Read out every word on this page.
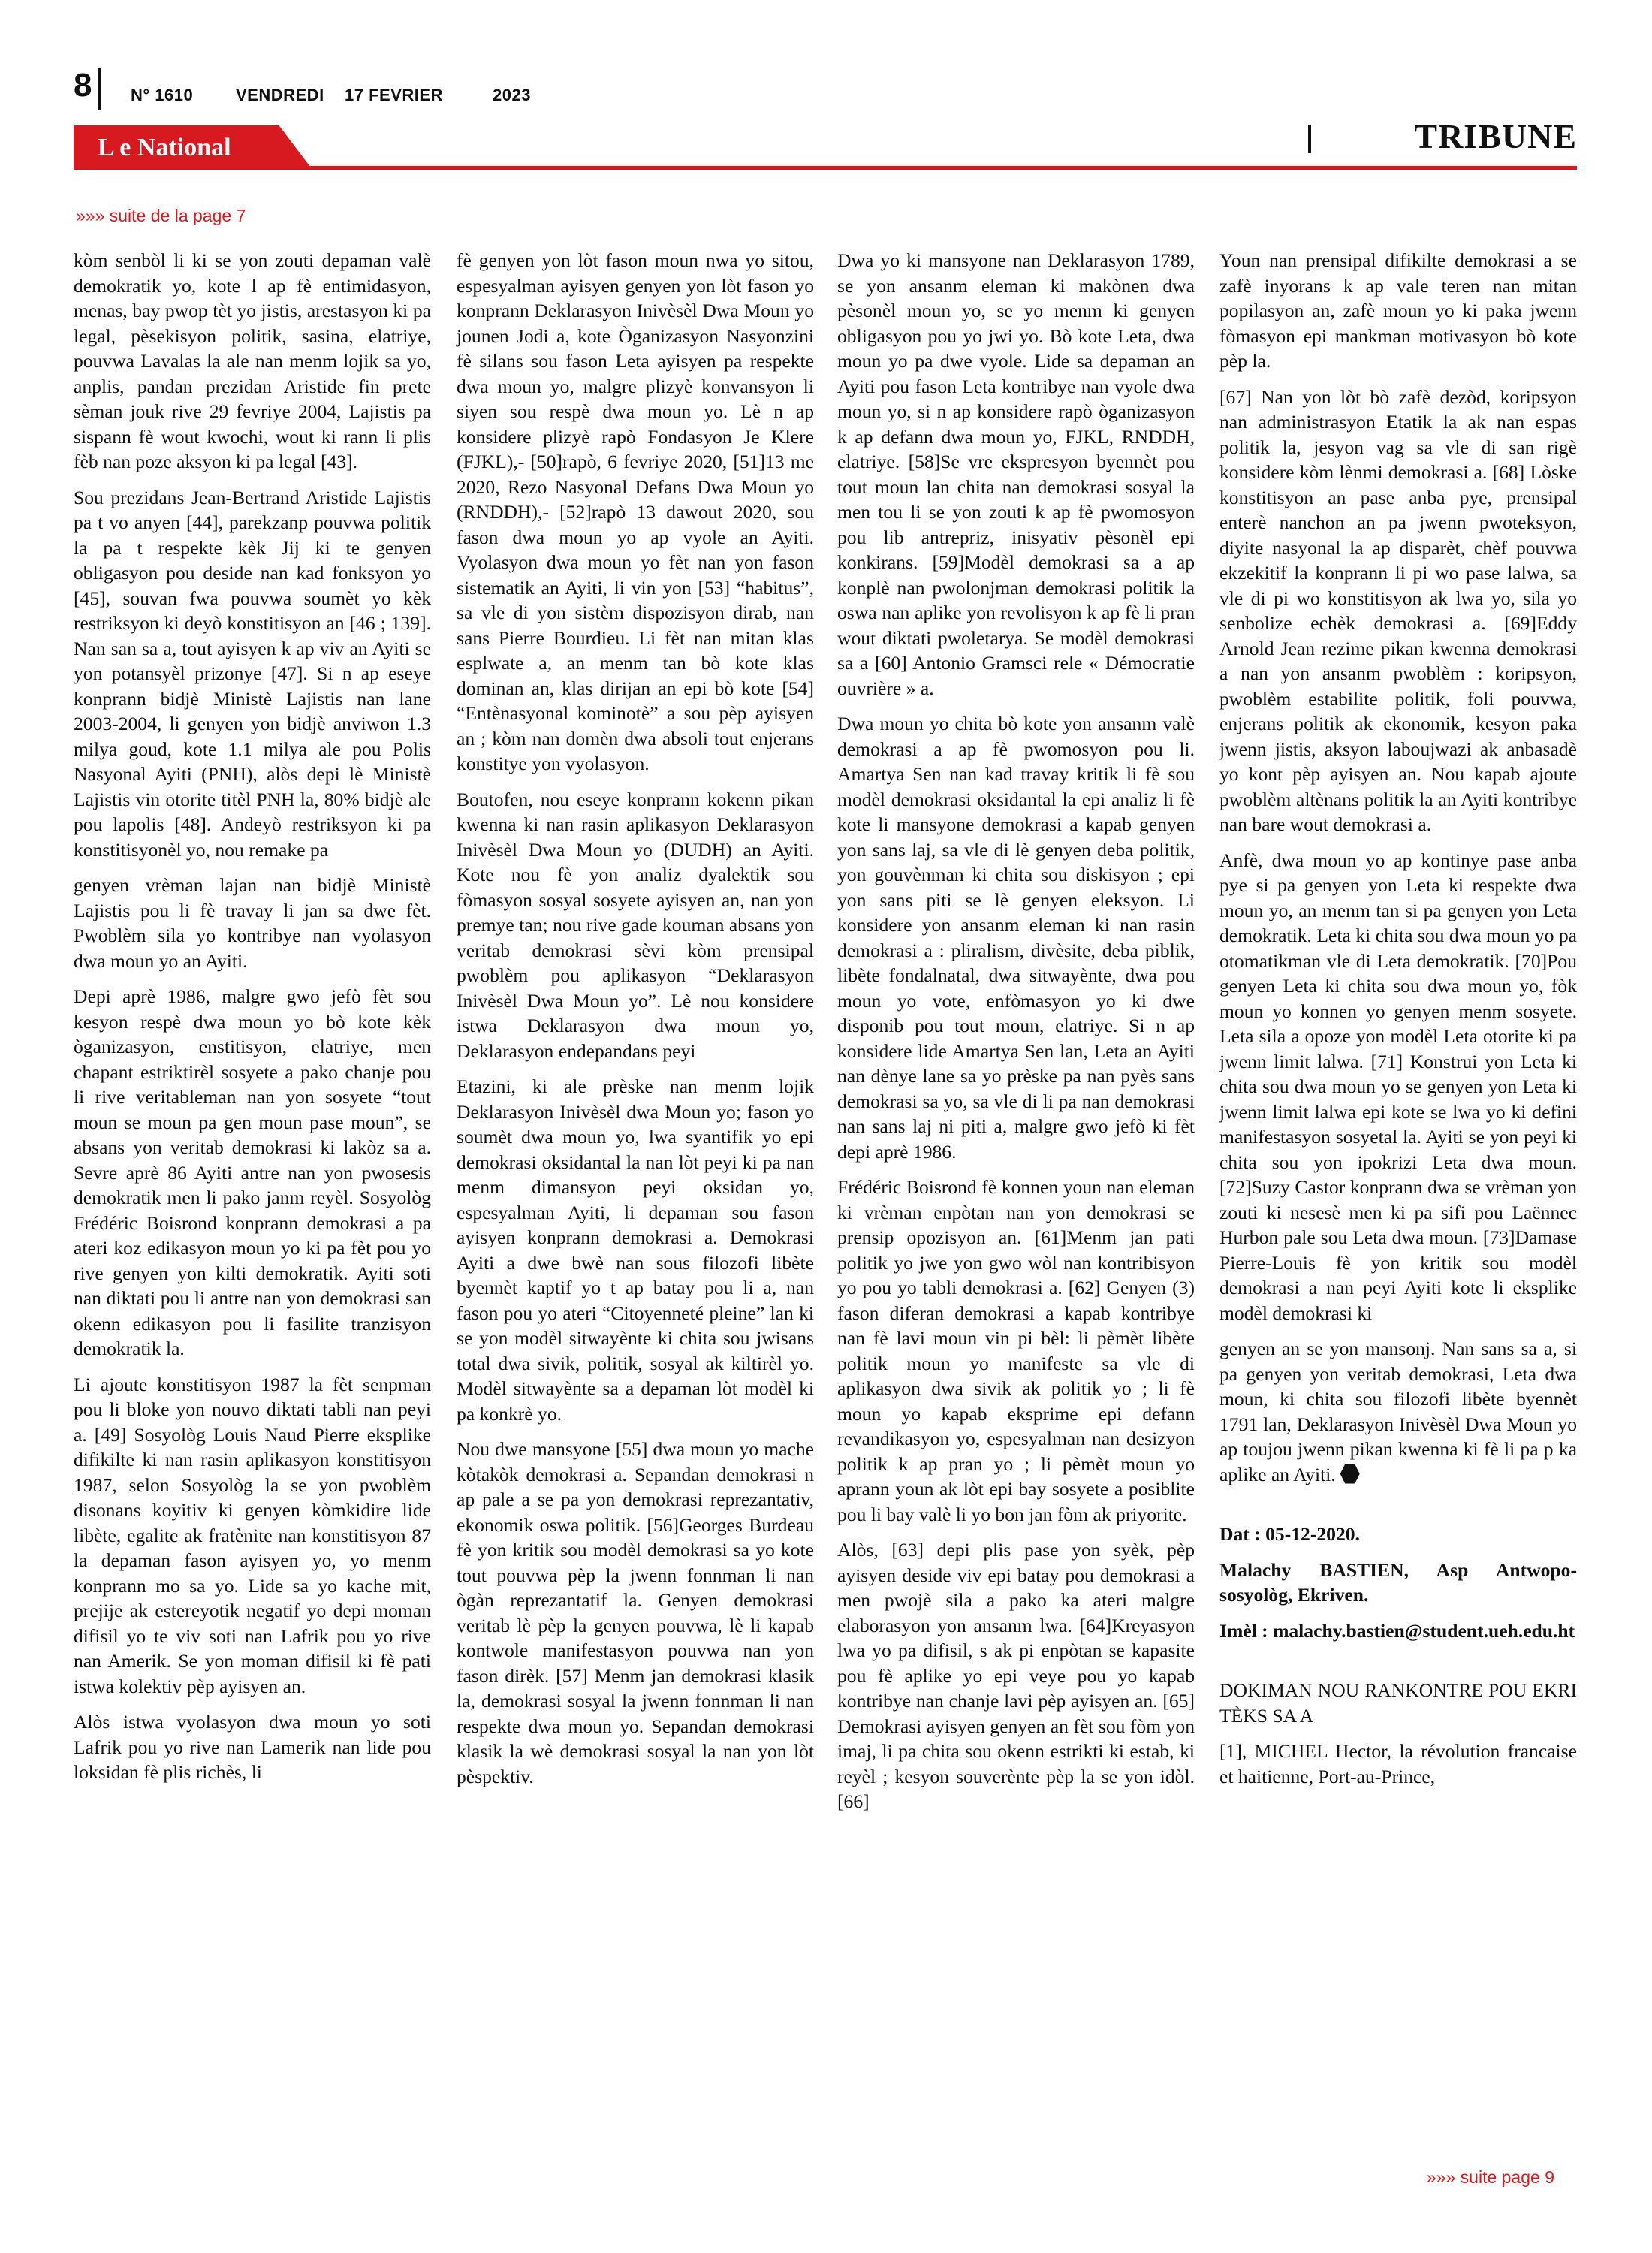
8 N° 1610	VENDREDI 17 FEVRIER	2023
L e National	TRIBUNE
»»» suite de la page 7

kòm senbòl li ki se yon zouti depaman valè demokratik yo, kote l ap fè entimidasyon, menas, bay pwop tèt yo jistis, arestasyon ki pa legal, pèsekisyon politik, sasina, elatriye, pouvwa Lavalas la ale nan menm lojik sa yo, anplis, pandan prezidan Aristide fin prete sèman jouk rive 29 fevriye 2004, Lajistis pa sispann fè wout kwochi, wout ki rann li plis fèb nan poze aksyon ki pa legal [43].

Sou prezidans Jean-Bertrand Aristide Lajistis pa t vo anyen [44], parekzanp pouvwa politik la pa t respekte kèk Jij ki te genyen obligasyon pou deside nan kad fonksyon yo [45], souvan fwa pouvwa soumèt yo kèk restriksyon ki deyò konstitisyon an [46 ; 139]. Nan san sa a, tout ayisyen k ap viv an Ayiti se yon potansyèl prizonye [47]. Si n ap eseye konprann bidjè Ministè Lajistis nan lane 2003-2004, li genyen yon bidjè anviwon 1.3 milya goud, kote 1.1 milya ale pou Polis Nasyonal Ayiti (PNH), alòs depi lè Ministè Lajistis vin otorite titèl PNH la, 80% bidjè ale pou lapolis [48]. Andeyò restriksyon ki pa konstitisyonèl yo, nou remake pa

genyen vrèman lajan nan bidjè Ministè Lajistis pou li fè travay li jan sa dwe fèt. Pwoblèm sila yo kontribye nan vyolasyon dwa moun yo an Ayiti.

Depi aprè 1986, malgre gwo jefò fèt sou kesyon respè dwa moun yo bò kote kèk òganizasyon, enstitisyon, elatriye, men chapant estriktirèl sosyete a pako chanje pou li rive veritableman nan yon sosyete “tout moun se moun pa gen moun pase moun”, se absans yon veritab demokrasi ki lakòz sa a. Sevre aprè 86 Ayiti antre nan yon pwosesis demokratik men li pako janm reyèl. Sosyològ Frédéric Boisrond konprann demokrasi a pa ateri koz edikasyon moun yo ki pa fèt pou yo rive genyen yon kilti demokratik. Ayiti soti nan diktati pou li antre nan yon demokrasi san okenn edikasyon pou li fasilite tranzisyon demokratik la.

Li ajoute konstitisyon 1987 la fèt senpman pou li bloke yon nouvo diktati tabli nan peyi a. [49] Sosyològ Louis Naud Pierre eksplike difikilte ki nan rasin aplikasyon konstitisyon 1987, selon Sosyològ la se yon pwoblèm disonans koyitiv ki genyen kòmkidire lide libète, egalite ak fratènite nan konstitisyon 87 la depaman fason ayisyen yo, yo menm konprann mo sa yo. Lide sa yo kache mit, prejije ak estereyotik negatif yo depi moman difisil yo te viv soti nan Lafrik pou yo rive nan Amerik. Se yon moman difisil ki fè pati istwa kolektiv pèp ayisyen an.

Alòs istwa vyolasyon dwa moun yo soti Lafrik pou yo rive nan Lamerik nan lide pou loksidan fè plis richès, li

fè genyen yon lòt fason moun nwa yo sitou, espesyalman ayisyen genyen yon lòt fason yo konprann Deklarasyon Inivèsèl Dwa Moun yo jounen Jodi a, kote Òganizasyon Nasyonzini fè silans sou fason Leta ayisyen pa respekte dwa moun yo, malgre plizyè konvansyon li siyen sou respè dwa moun yo. Lè n ap konsidere plizyè rapò Fondasyon Je Klere (FJKL),- [50]rapò, 6 fevriye 2020, [51]13 me 2020, Rezo Nasyonal Defans Dwa Moun yo (RNDDH),- [52]rapò 13 dawout 2020, sou fason dwa moun yo ap vyole an Ayiti. Vyolasyon dwa moun yo fèt nan yon fason sistematik an Ayiti, li vin yon [53] “habitus”, sa vle di yon sistèm dispozisyon dirab, nan sans Pierre Bourdieu. Li fèt nan mitan klas esplwate a, an menm tan bò kote klas dominan an, klas dirijan an epi bò kote [54] “Entènasyonal kominotè” a sou pèp ayisyen an ; kòm nan domèn dwa absoli tout enjerans konstitye yon vyolasyon.

Boutofen, nou eseye konprann kokenn pikan kwenna ki nan rasin aplikasyon Deklarasyon Inivèsèl Dwa Moun yo (DUDH) an Ayiti. Kote nou fè yon analiz dyalektik sou fòmasyon sosyal sosyete ayisyen an, nan yon premye tan; nou rive gade kouman absans yon veritab demokrasi sèvi kòm prensipal pwoblèm pou aplikasyon “Deklarasyon Inivèsèl Dwa Moun yo”. Lè nou konsidere istwa Deklarasyon dwa moun yo, Deklarasyon endepandans peyi

Etazini, ki ale prèske nan menm lojik Deklarasyon Inivèsèl dwa Moun yo; fason yo soumèt dwa moun yo, lwa syantifik yo epi demokrasi oksidantal la nan lòt peyi ki pa nan menm dimansyon peyi oksidan yo, espesyalman Ayiti, li depaman sou fason ayisyen konprann demokrasi a. Demokrasi Ayiti a dwe bwè nan sous filozofi libète byennèt kaptif yo t ap batay pou li a, nan fason pou yo ateri “Citoyenneté pleine” lan ki se yon modèl sitwayènte ki chita sou jwisans total dwa sivik, politik, sosyal ak kiltirèl yo. Modèl sitwayènte sa a depaman lòt modèl ki pa konkrè yo.

Nou dwe mansyone [55] dwa moun yo mache kòtakòk demokrasi a. Sepandan demokrasi n ap pale a se pa yon demokrasi reprezantativ, ekonomik oswa politik. [56]Georges Burdeau fè yon kritik sou modèl demokrasi sa yo kote tout pouvwa pèp la jwenn fonnman li nan ògàn reprezantatif la. Genyen demokrasi veritab lè pèp la genyen pouvwa, lè li kapab kontwole manifestasyon pouvwa nan yon fason dirèk. [57] Menm jan demokrasi klasik la, demokrasi sosyal la jwenn fonnman li nan respekte dwa moun yo. Sepandan demokrasi klasik la wè demokrasi sosyal la nan yon lòt pèspektiv.

Dwa yo ki mansyone nan Deklarasyon 1789, se yon ansanm eleman ki makònen dwa pèsonèl moun yo, se yo menm ki genyen obligasyon pou yo jwi yo. Bò kote Leta, dwa moun yo pa dwe vyole. Lide sa depaman an Ayiti pou fason Leta kontribye nan vyole dwa moun yo, si n ap konsidere rapò òganizasyon k ap defann dwa moun yo, FJKL, RNDDH, elatriye. [58]Se vre ekspresyon byennèt pou tout moun lan chita nan demokrasi sosyal la men tou li se yon zouti k ap fè pwomosyon pou lib antrepriz, inisyativ pèsonèl epi konkirans. [59]Modèl demokrasi sa a ap konplè nan pwolonjman demokrasi politik la oswa nan aplike yon revolisyon k ap fè li pran wout diktati pwoletarya. Se modèl demokrasi sa a [60] Antonio Gramsci rele « Démocratie ouvrière » a.

Dwa moun yo chita bò kote yon ansanm valè demokrasi a ap fè pwomosyon pou li. Amartya Sen nan kad travay kritik li fè sou modèl demokrasi oksidantal la epi analiz li fè kote li mansyone demokrasi a kapab genyen yon sans laj, sa vle di lè genyen deba politik, yon gouvènman ki chita sou diskisyon ; epi yon sans piti se lè genyen eleksyon. Li konsidere yon ansanm eleman ki nan rasin demokrasi a : pliralism, divèsite, deba piblik, libète fondalnatal, dwa sitwayènte, dwa pou moun yo vote, enfòmasyon yo ki dwe disponib pou tout moun, elatriye. Si n ap konsidere lide Amartya Sen lan, Leta an Ayiti nan dènye lane sa yo prèske pa nan pyès sans demokrasi sa yo, sa vle di li pa nan demokrasi nan sans laj ni piti a, malgre gwo jefò ki fèt depi aprè 1986.

Frédéric Boisrond fè konnen youn nan eleman ki vrèman enpòtan nan yon demokrasi se prensip opozisyon an. [61]Menm jan pati politik yo jwe yon gwo wòl nan kontribisyon yo pou yo tabli demokrasi a. [62] Genyen (3) fason diferan demokrasi a kapab kontribye nan fè lavi moun vin pi bèl: li pèmèt libète politik moun yo manifeste sa vle di aplikasyon dwa sivik ak politik yo ; li fè moun yo kapab eksprime epi defann revandikasyon yo, espesyalman nan desizyon politik k ap pran yo ; li pèmèt moun yo aprann youn ak lòt epi bay sosyete a posiblite pou li bay valè li yo bon jan fòm ak priyorite.

Alòs, [63] depi plis pase yon syèk, pèp ayisyen deside viv epi batay pou demokrasi a men pwojè sila a pako ka ateri malgre elaborasyon yon ansanm lwa. [64]Kreyasyon lwa yo pa difisil, s ak pi enpòtan se kapasite pou fè aplike yo epi veye pou yo kapab kontribye nan chanje lavi pèp ayisyen an. [65] Demokrasi ayisyen genyen an fèt sou fòm yon imaj, li pa chita sou okenn estrikti ki estab, ki reyèl ; kesyon souverènte pèp la se yon idòl. [66]

Youn nan prensipal difikilte demokrasi a se zafè inyorans k ap vale teren nan mitan popilasyon an, zafè moun yo ki paka jwenn fòmasyon epi mankman motivasyon bò kote pèp la.

[67] Nan yon lòt bò zafè dezòd, koripsyon nan administrasyon Etatik la ak nan espas politik la, jesyon vag sa vle di san rigè konsidere kòm lènmi demokrasi a. [68] Lòske konstitisyon an pase anba pye, prensipal enterè nanchon an pa jwenn pwoteksyon, diyite nasyonal la ap disparèt, chèf pouvwa ekzekitif la konprann li pi wo pase lalwa, sa vle di pi wo konstitisyon ak lwa yo, sila yo senbolize echèk demokrasi a. [69]Eddy Arnold Jean rezime pikan kwenna demokrasi a nan yon ansanm pwoblèm : koripsyon, pwoblèm estabilite politik, foli pouvwa, enjerans politik ak ekonomik, kesyon paka jwenn jistis, aksyon laboujwazi ak anbasadè yo kont pèp ayisyen an. Nou kapab ajoute pwoblèm altènans politik la an Ayiti kontribye nan bare wout demokrasi a.

Anfè, dwa moun yo ap kontinye pase anba pye si pa genyen yon Leta ki respekte dwa moun yo, an menm tan si pa genyen yon Leta demokratik. Leta ki chita sou dwa moun yo pa otomatikman vle di Leta demokratik. [70]Pou genyen Leta ki chita sou dwa moun yo, fòk moun yo konnen yo genyen menm sosyete. Leta sila a opoze yon modèl Leta otorite ki pa jwenn limit lalwa. [71] Konstrui yon Leta ki chita sou dwa moun yo se genyen yon Leta ki jwenn limit lalwa epi kote se lwa yo ki defini manifestasyon sosyetal la. Ayiti se yon peyi ki chita sou yon ipokrizi Leta dwa moun. [72]Suzy Castor konprann dwa se vrèman yon zouti ki nesesè men ki pa sifi pou Laënnec Hurbon pale sou Leta dwa moun. [73]Damase Pierre-Louis fè yon kritik sou modèl demokrasi a nan peyi Ayiti kote li eksplike modèl demokrasi ki

genyen an se yon mansonj. Nan sans sa a, si pa genyen yon veritab demokrasi, Leta dwa moun, ki chita sou filozofi libète byennèt 1791 lan, Deklarasyon Inivèsèl Dwa Moun yo ap toujou jwenn pikan kwenna ki fè li pa p ka aplike an Ayiti.

Dat : 05-12-2020.

Malachy BASTIEN, Asp Antwopo-sosyològ, Ekriven.

Imèl : malachy.bastien@student.ueh.edu.ht

DOKIMAN NOU RANKONTRE POU EKRI TÈKS SA A

[1], MICHEL Hector, la révolution francaise et haitienne, Port-au-Prince,

»»» suite page 9
